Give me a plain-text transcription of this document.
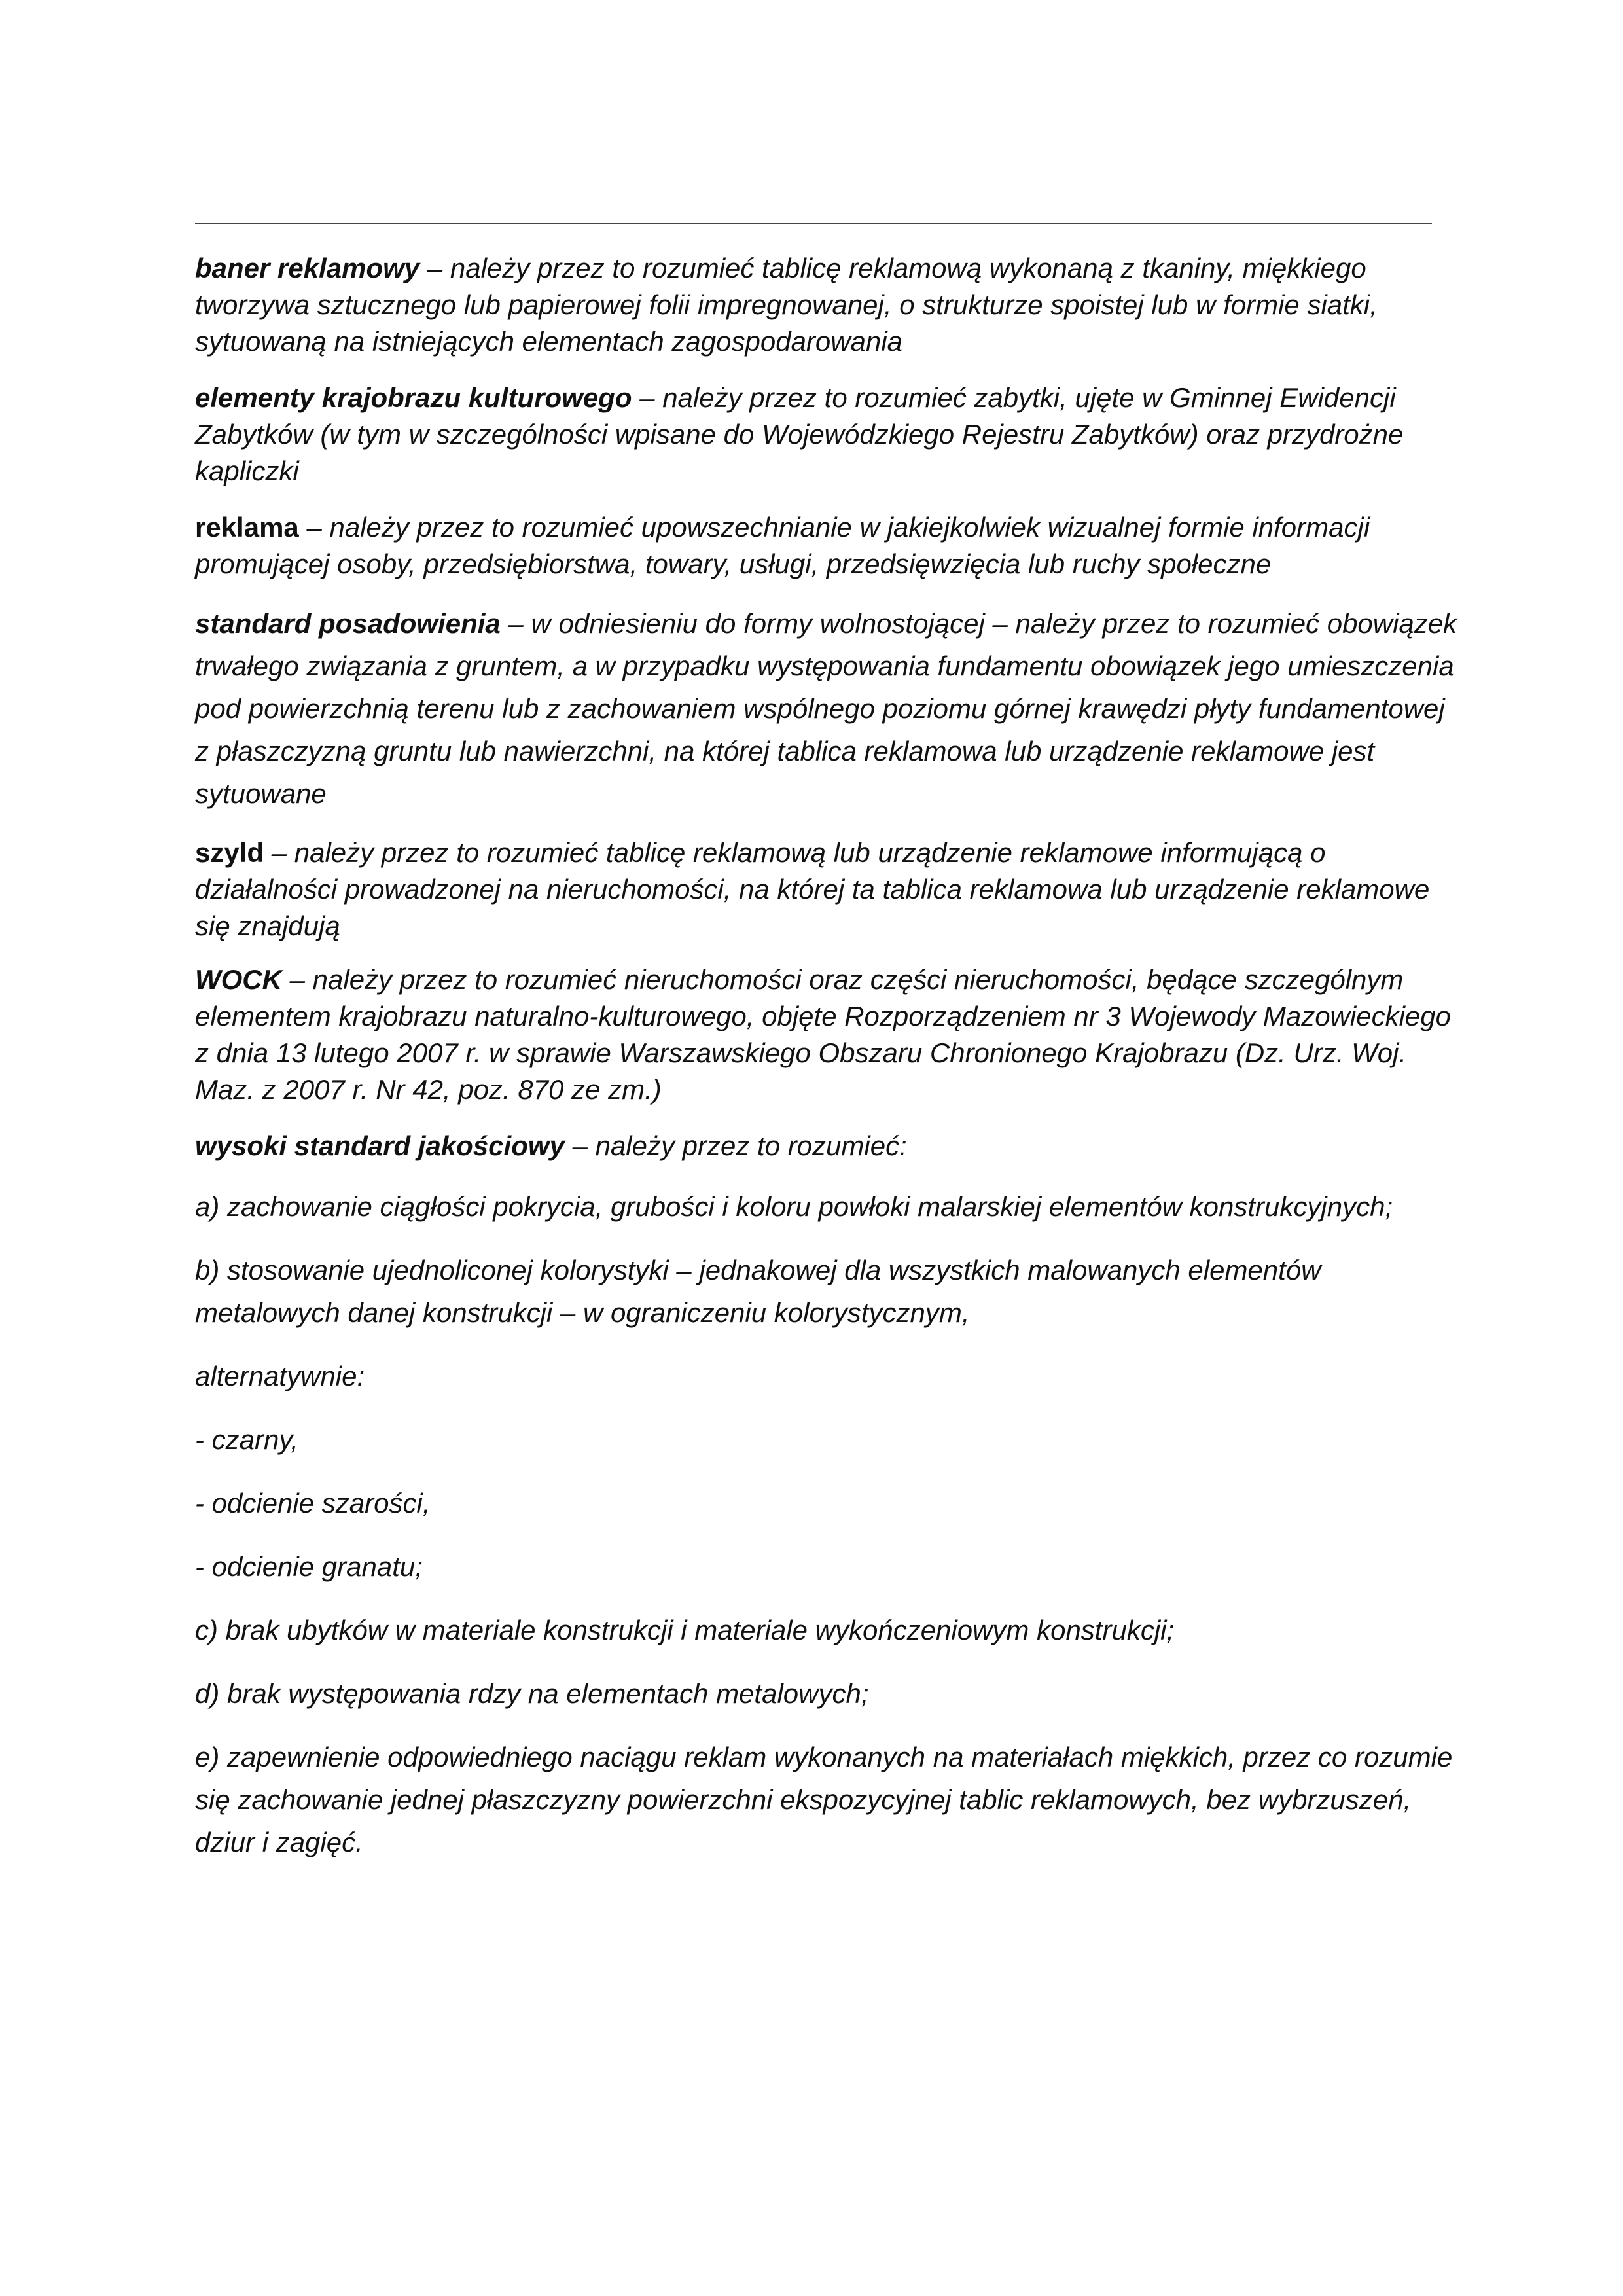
baner reklamowy – należy przez to rozumieć tablicę reklamową wykonaną z tkaniny, miękkiego tworzywa sztucznego lub papierowej folii impregnowanej, o strukturze spoistej lub w formie siatki, sytuowaną na istniejących elementach zagospodarowania

elementy krajobrazu kulturowego – należy przez to rozumieć zabytki, ujęte w Gminnej Ewidencji Zabytków (w tym w szczególności wpisane do Wojewódzkiego Rejestru Zabytków) oraz przydrożne kapliczki

reklama – należy przez to rozumieć upowszechnianie w jakiejkolwiek wizualnej formie informacji promującej osoby, przedsiębiorstwa, towary, usługi, przedsięwzięcia lub ruchy społeczne

standard posadowienia – w odniesieniu do formy wolnostojącej – należy przez to rozumieć obowiązek trwałego związania z gruntem, a w przypadku występowania fundamentu obowiązek jego umieszczenia pod powierzchnią terenu lub z zachowaniem wspólnego poziomu górnej krawędzi płyty fundamentowej z płaszczyzną gruntu lub nawierzchni, na której tablica reklamowa lub urządzenie reklamowe jest sytuowane

szyld – należy przez to rozumieć tablicę reklamową lub urządzenie reklamowe informującą o działalności prowadzonej na nieruchomości, na której ta tablica reklamowa lub urządzenie reklamowe się znajdują

WOCK – należy przez to rozumieć nieruchomości oraz części nieruchomości, będące szczególnym elementem krajobrazu naturalno-kulturowego, objęte Rozporządzeniem nr 3 Wojewody Mazowieckiego z dnia 13 lutego 2007 r. w sprawie Warszawskiego Obszaru Chronionego Krajobrazu (Dz. Urz. Woj. Maz. z 2007 r. Nr 42, poz. 870 ze zm.)

wysoki standard jakościowy – należy przez to rozumieć:

a) zachowanie ciągłości pokrycia, grubości i koloru powłoki malarskiej elementów konstrukcyjnych;

b) stosowanie ujednoliconej kolorystyki – jednakowej dla wszystkich malowanych elementów metalowych danej konstrukcji – w ograniczeniu kolorystycznym,

alternatywnie:

- czarny,

- odcienie szarości,

- odcienie granatu;

c) brak ubytków w materiale konstrukcji i materiale wykończeniowym konstrukcji;

d) brak występowania rdzy na elementach metalowych;

e) zapewnienie odpowiedniego naciągu reklam wykonanych na materiałach miękkich, przez co rozumie się zachowanie jednej płaszczyzny powierzchni ekspozycyjnej tablic reklamowych, bez wybrzuszeń, dziur i zagięć.
